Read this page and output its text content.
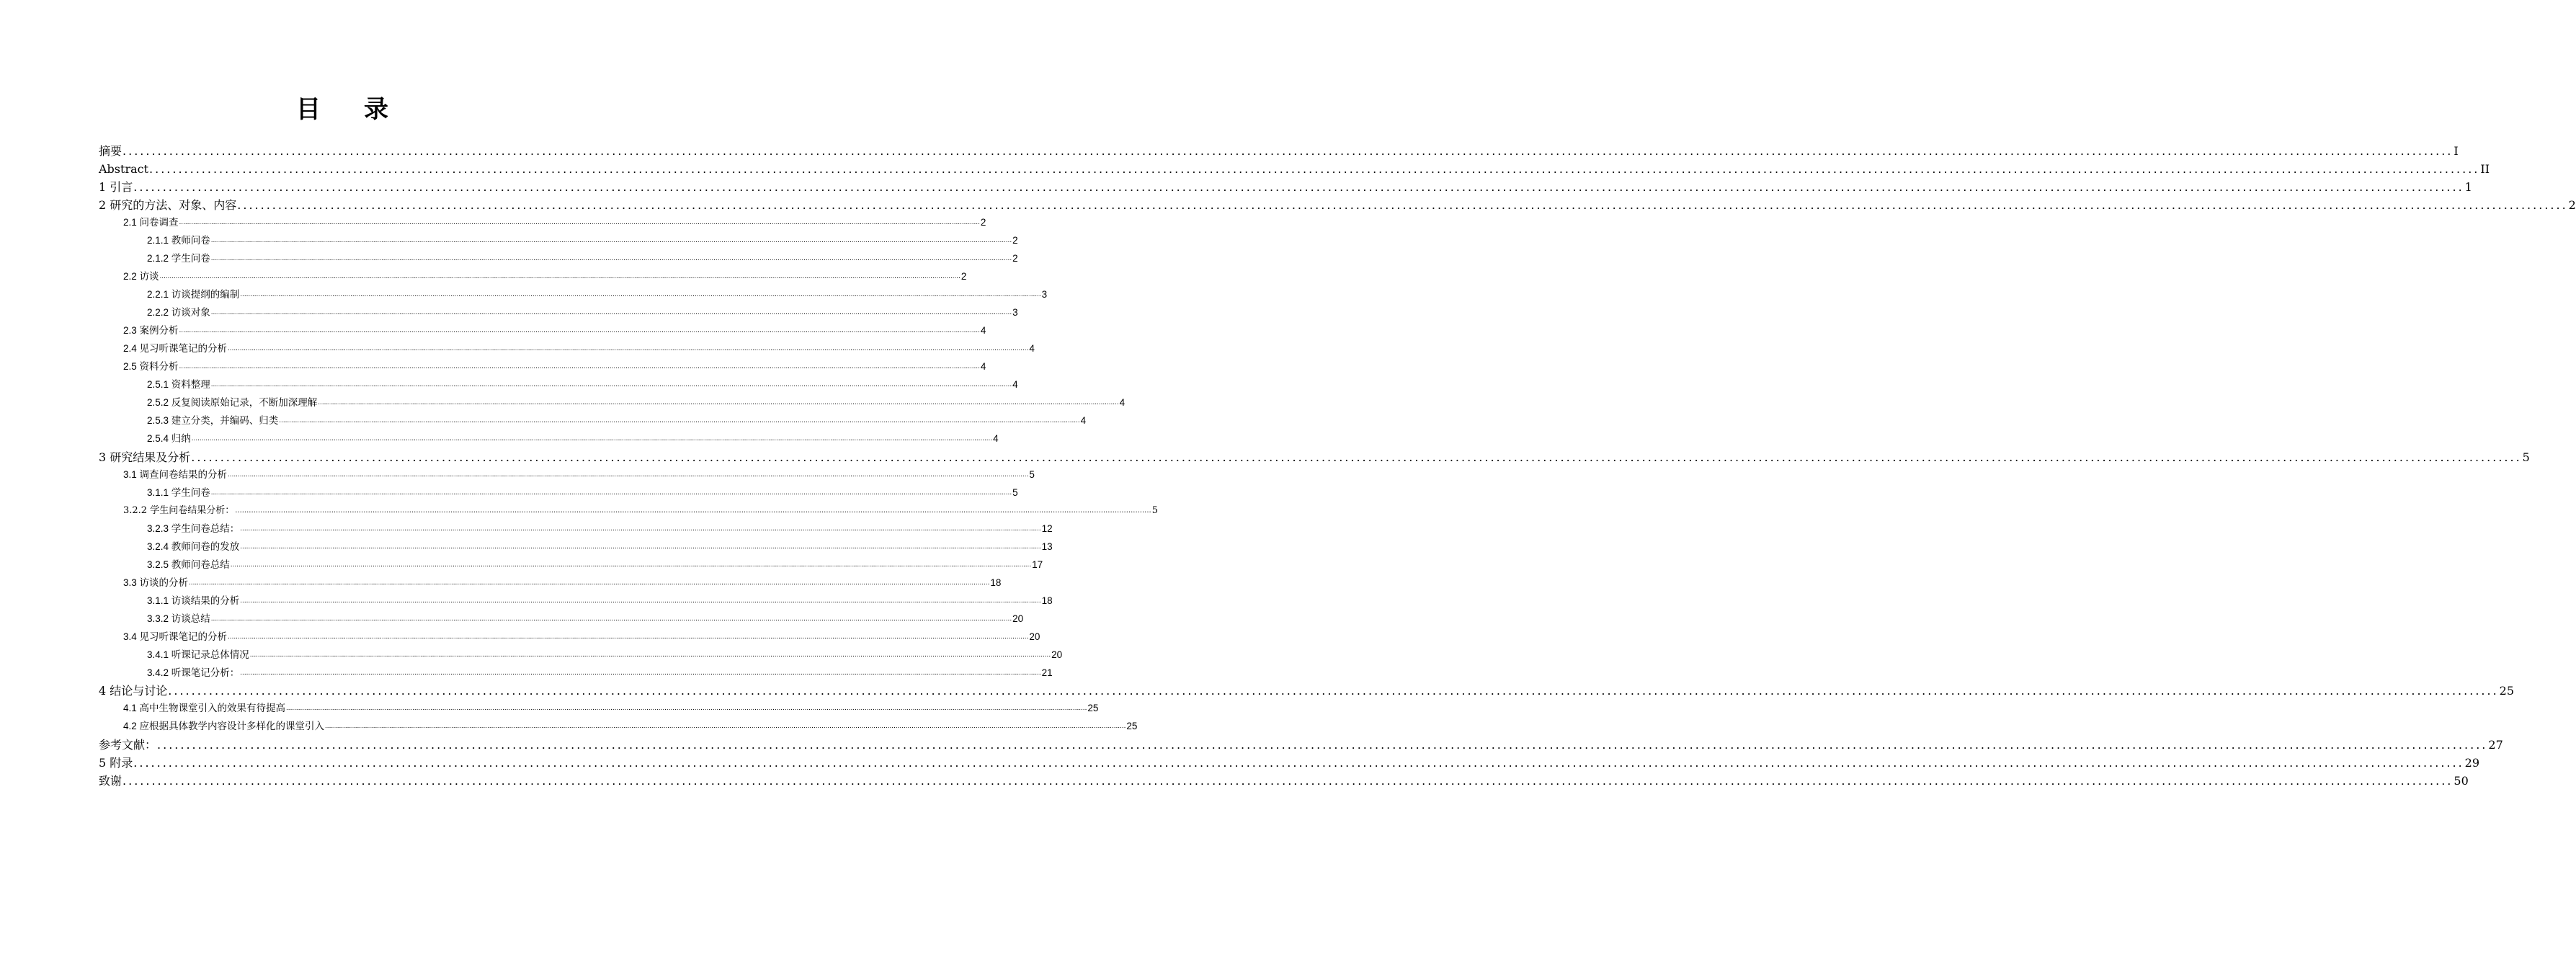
目 录
摘要 ................................................................................................................................................................................................................................................................................................................................................................................................................ I
Abstract ................................................................................................................................................................................................................................................................................................................................................................................................................ II
1 引言 ................................................................................................................................................................................................................................................................................................................................................................................................................ 1
2 研究的方法、对象、内容 ................................................................................................................................................................................................................................................................................................................................................................................................................ 2
2.1 问卷调查 ................................................................................................................................................................................................................................................................................................................................................................................................................ 2
2.1.1 教师问卷 ................................................................................................................................................................................................................................................................................................................................................................................................................ 2
2.1.2 学生问卷 ................................................................................................................................................................................................................................................................................................................................................................................................................ 2
2.2 访谈 ................................................................................................................................................................................................................................................................................................................................................................................................................ 2
2.2.1 访谈提纲的编制 ................................................................................................................................................................................................................................................................................................................................................................................................................ 3
2.2.2 访谈对象 ................................................................................................................................................................................................................................................................................................................................................................................................................ 3
2.3 案例分析 ................................................................................................................................................................................................................................................................................................................................................................................................................ 4
2.4 见习听课笔记的分析 ................................................................................................................................................................................................................................................................................................................................................................................................................ 4
2.5 资料分析 ................................................................................................................................................................................................................................................................................................................................................................................................................ 4
2.5.1 资料整理 ................................................................................................................................................................................................................................................................................................................................................................................................................ 4
2.5.2 反复阅读原始记录，不断加深理解 ................................................................................................................................................................................................................................................................................................................................................................................................................ 4
2.5.3 建立分类，并编码、归类 ................................................................................................................................................................................................................................................................................................................................................................................................................ 4
2.5.4 归纳 ................................................................................................................................................................................................................................................................................................................................................................................................................ 4
3 研究结果及分析 ................................................................................................................................................................................................................................................................................................................................................................................................................ 5
3.1 调查问卷结果的分析 ................................................................................................................................................................................................................................................................................................................................................................................................................ 5
3.1.1 学生问卷 ................................................................................................................................................................................................................................................................................................................................................................................................................ 5
3.2.2 学生问卷结果分析： ................................................................................................................................................................................................................................................................................................................................................................................................................ 5
3.2.3 学生问卷总结： ................................................................................................................................................................................................................................................................................................................................................................................................................ 12
3.2.4 教师问卷的发放 ................................................................................................................................................................................................................................................................................................................................................................................................................ 13
3.2.5 教师问卷总结 ................................................................................................................................................................................................................................................................................................................................................................................................................ 17
3.3 访谈的分析 ................................................................................................................................................................................................................................................................................................................................................................................................................ 18
3.1.1 访谈结果的分析 ................................................................................................................................................................................................................................................................................................................................................................................................................ 18
3.3.2 访谈总结 ................................................................................................................................................................................................................................................................................................................................................................................................................ 20
3.4 见习听课笔记的分析 ................................................................................................................................................................................................................................................................................................................................................................................................................ 20
3.4.1 听课记录总体情况 ................................................................................................................................................................................................................................................................................................................................................................................................................ 20
3.4.2 听课笔记分析： ................................................................................................................................................................................................................................................................................................................................................................................................................ 21
4 结论与讨论 ................................................................................................................................................................................................................................................................................................................................................................................................................ 25
4.1 高中生物课堂引入的效果有待提高 ................................................................................................................................................................................................................................................................................................................................................................................................................ 25
4.2 应根据具体教学内容设计多样化的课堂引入 ................................................................................................................................................................................................................................................................................................................................................................................................................ 25
参考文献： ................................................................................................................................................................................................................................................................................................................................................................................................................ 27
5 附录 ................................................................................................................................................................................................................................................................................................................................................................................................................ 29
致谢 ................................................................................................................................................................................................................................................................................................................................................................................................................ 50
